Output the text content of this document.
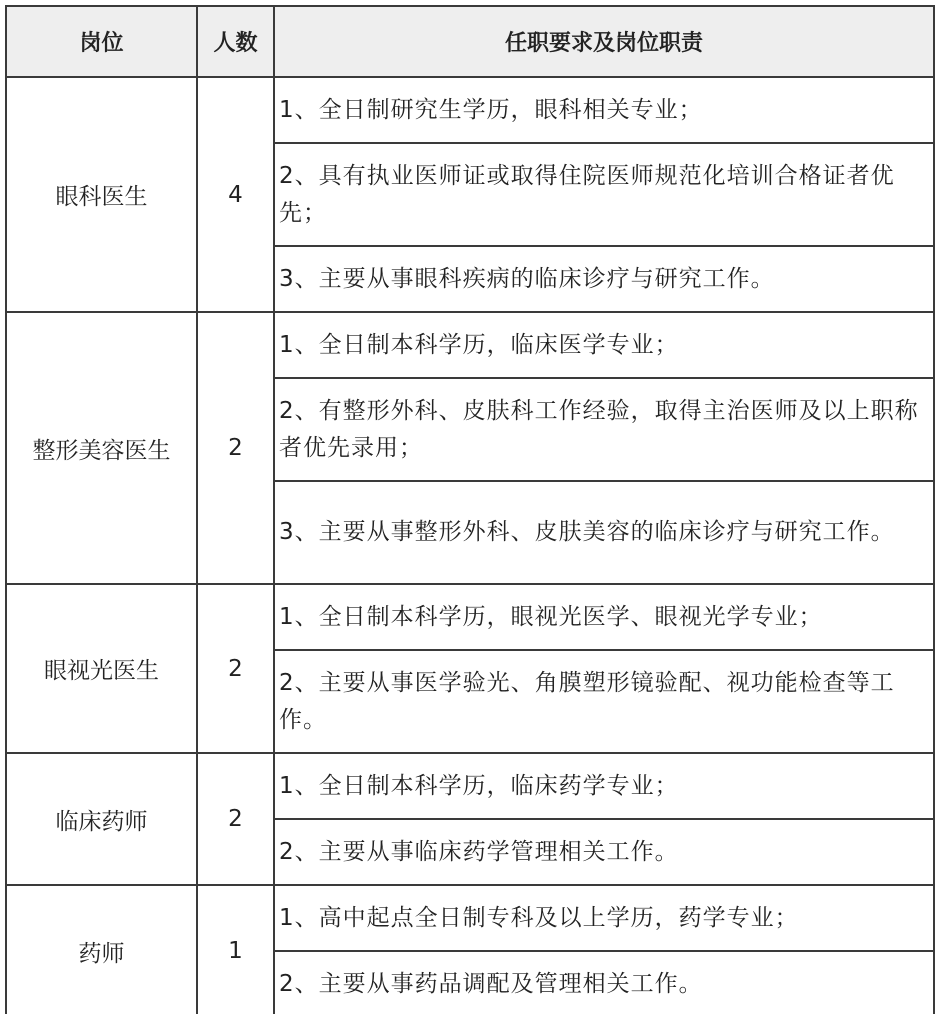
岗位	人数	任职要求及岗位职责
眼科医生	4	1、全日制研究生学历，眼科相关专业；
		2、具有执业医师证或取得住院医师规范化培训合格证者优先；
		3、主要从事眼科疾病的临床诊疗与研究工作。
整形美容医生	2	1、全日制本科学历，临床医学专业；
		2、有整形外科、皮肤科工作经验，取得主治医师及以上职称者优先录用；
		3、主要从事整形外科、皮肤美容的临床诊疗与研究工作。
眼视光医生	2	1、全日制本科学历，眼视光医学、眼视光学专业；
		2、主要从事医学验光、角膜塑形镜验配、视功能检查等工作。
临床药师	2	1、全日制本科学历，临床药学专业；
		2、主要从事临床药学管理相关工作。
药师	1	1、高中起点全日制专科及以上学历，药学专业；
		2、主要从事药品调配及管理相关工作。
